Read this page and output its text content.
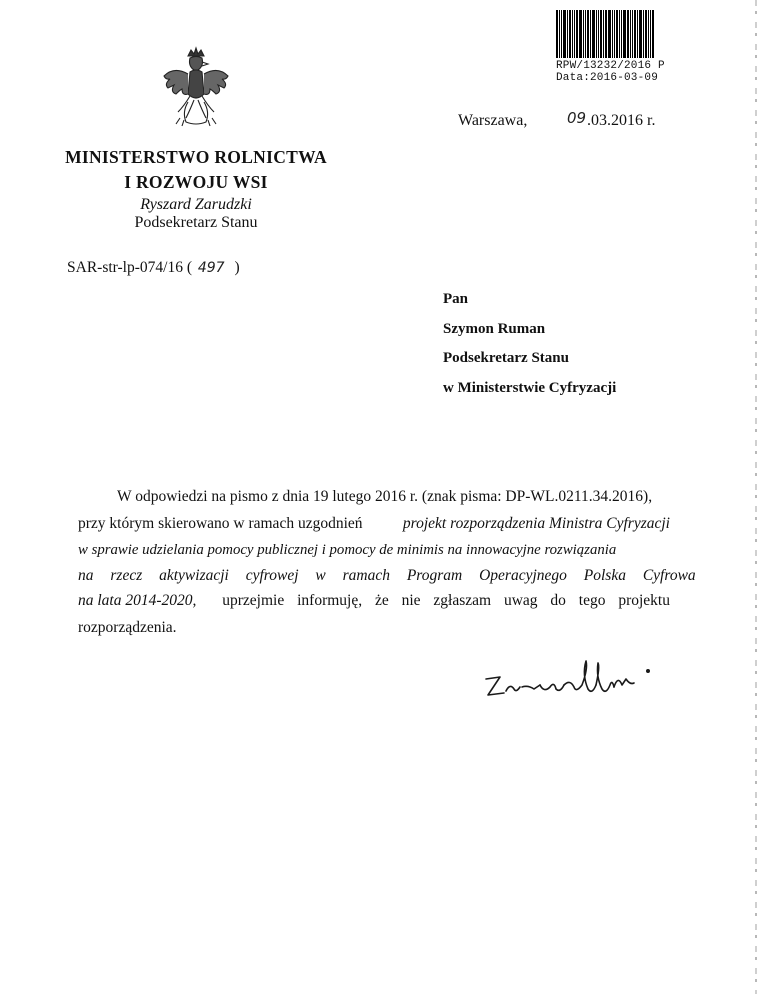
RPW/13232/2016 P
Data:2016-03-09
Warszawa,	09 .03.2016 r.
MINISTERSTWO ROLNICTWA
I ROZWOJU WSI
Ryszard Zarudzki
Podsekretarz Stanu
SAR-str-lp-074/16 ( 497 )
Pan
Szymon Ruman
Podsekretarz Stanu
w Ministerstwie Cyfryzacji
W odpowiedzi na pismo z dnia 19 lutego 2016 r. (znak pisma: DP-WL.0211.34.2016),
przy którym skierowano w ramach uzgodnień	projekt rozporządzenia Ministra Cyfryzacji
w sprawie udzielania pomocy publicznej i pomocy de minimis na innowacyjne rozwiązania
na rzecz aktywizacji cyfrowej w ramach Program Operacyjnego Polska Cyfrowa
na lata 2014-2020, uprzejmie informuję, że nie zgłaszam uwag do tego projektu
rozporządzenia.
